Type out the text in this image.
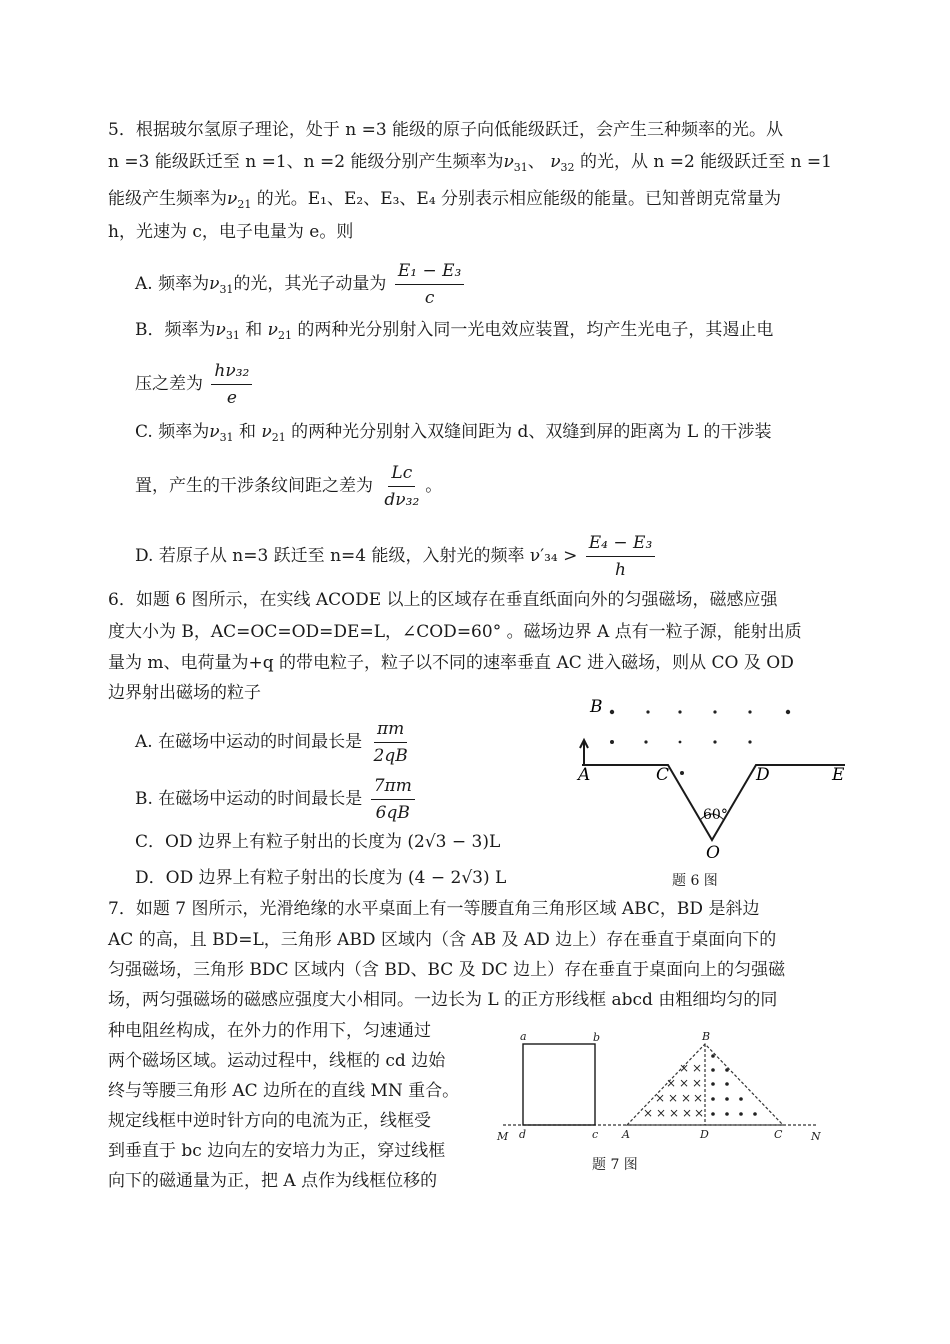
5．根据玻尔氢原子理论，处于 n =3 能级的原子向低能级跃迁，会产生三种频率的光。从
n =3 能级跃迁至 n =1、n =2 能级分别产生频率为$\nu_{31}$、 $\nu_{32}$ 的光，从 n =2 能级跃迁至 n =1
能级产生频率为$\nu_{21}$ 的光。E₁、E₂、E₃、E₄ 分别表示相应能级的能量。已知普朗克常量为
h，光速为 c，电子电量为 e。则
A. 频率为$\nu_{31}$的光，其光子动量为 $\frac{\text{E₁ − E₃}}{c}$
B．频率为$\nu_{31}$ 和 $\nu_{21}$ 的两种光分别射入同一光电效应装置，均产生光电子，其遏止电
压之差为 $\frac{\text{hν₃₂}}{e}$
C. 频率为$\nu_{31}$ 和 $\nu_{21}$ 的两种光分别射入双缝间距为 d、双缝到屏的距离为 L 的干涉装
置，产生的干涉条纹间距之差为 $\frac{Lc}{\text{dν₃₂}}$ 。
D. 若原子从 n=3 跃迁至 n=4 能级，入射光的频率 $\nu'_{34} > \frac{\text{E₄ − E₃}}{h}$
6．如题 6 图所示，在实线 ACODE 以上的区域存在垂直纸面向外的匀强磁场，磁感应强
度大小为 B，AC=OC=OD=DE=L，∠COD=60° 。磁场边界 A 点有一粒子源，能射出质
量为 m、电荷量为+q 的带电粒子，粒子以不同的速率垂直 AC 进入磁场，则从 CO 及 OD
边界射出磁场的粒子
A. 在磁场中运动的时间最长是 $\frac{\pi m}{2qB}$
B. 在磁场中运动的时间最长是 $\frac{7\pi m}{6qB}$
C．OD 边界上有粒子射出的长度为 (2√3 − 3)L
D．OD 边界上有粒子射出的长度为 (4 − 2√3) L
B
A	C	D	E
60°
O
题 6 图
7．如题 7 图所示，光滑绝缘的水平桌面上有一等腰直角三角形区域 ABC，BD 是斜边
AC 的高，且 BD=L，三角形 ABD 区域内（含 AB 及 AD 边上）存在垂直于桌面向下的
匀强磁场，三角形 BDC 区域内（含 BD、BC 及 DC 边上）存在垂直于桌面向上的匀强磁
场，两匀强磁场的磁感应强度大小相同。一边长为 L 的正方形线框 abcd 由粗细均匀的同
种电阻丝构成，在外力的作用下，匀速通过
两个磁场区域。运动过程中，线框的 cd 边始
终与等腰三角形 AC 边所在的直线 MN 重合。
规定线框中逆时针方向的电流为正，线框受
到垂直于 bc 边向左的安培力为正，穿过线框
向下的磁通量为正，把 A 点作为线框位移的
× ×
× × ×
× × × ×
× × × × ×
a	b
d	c
M	N
A
B
D	C
题 7 图
